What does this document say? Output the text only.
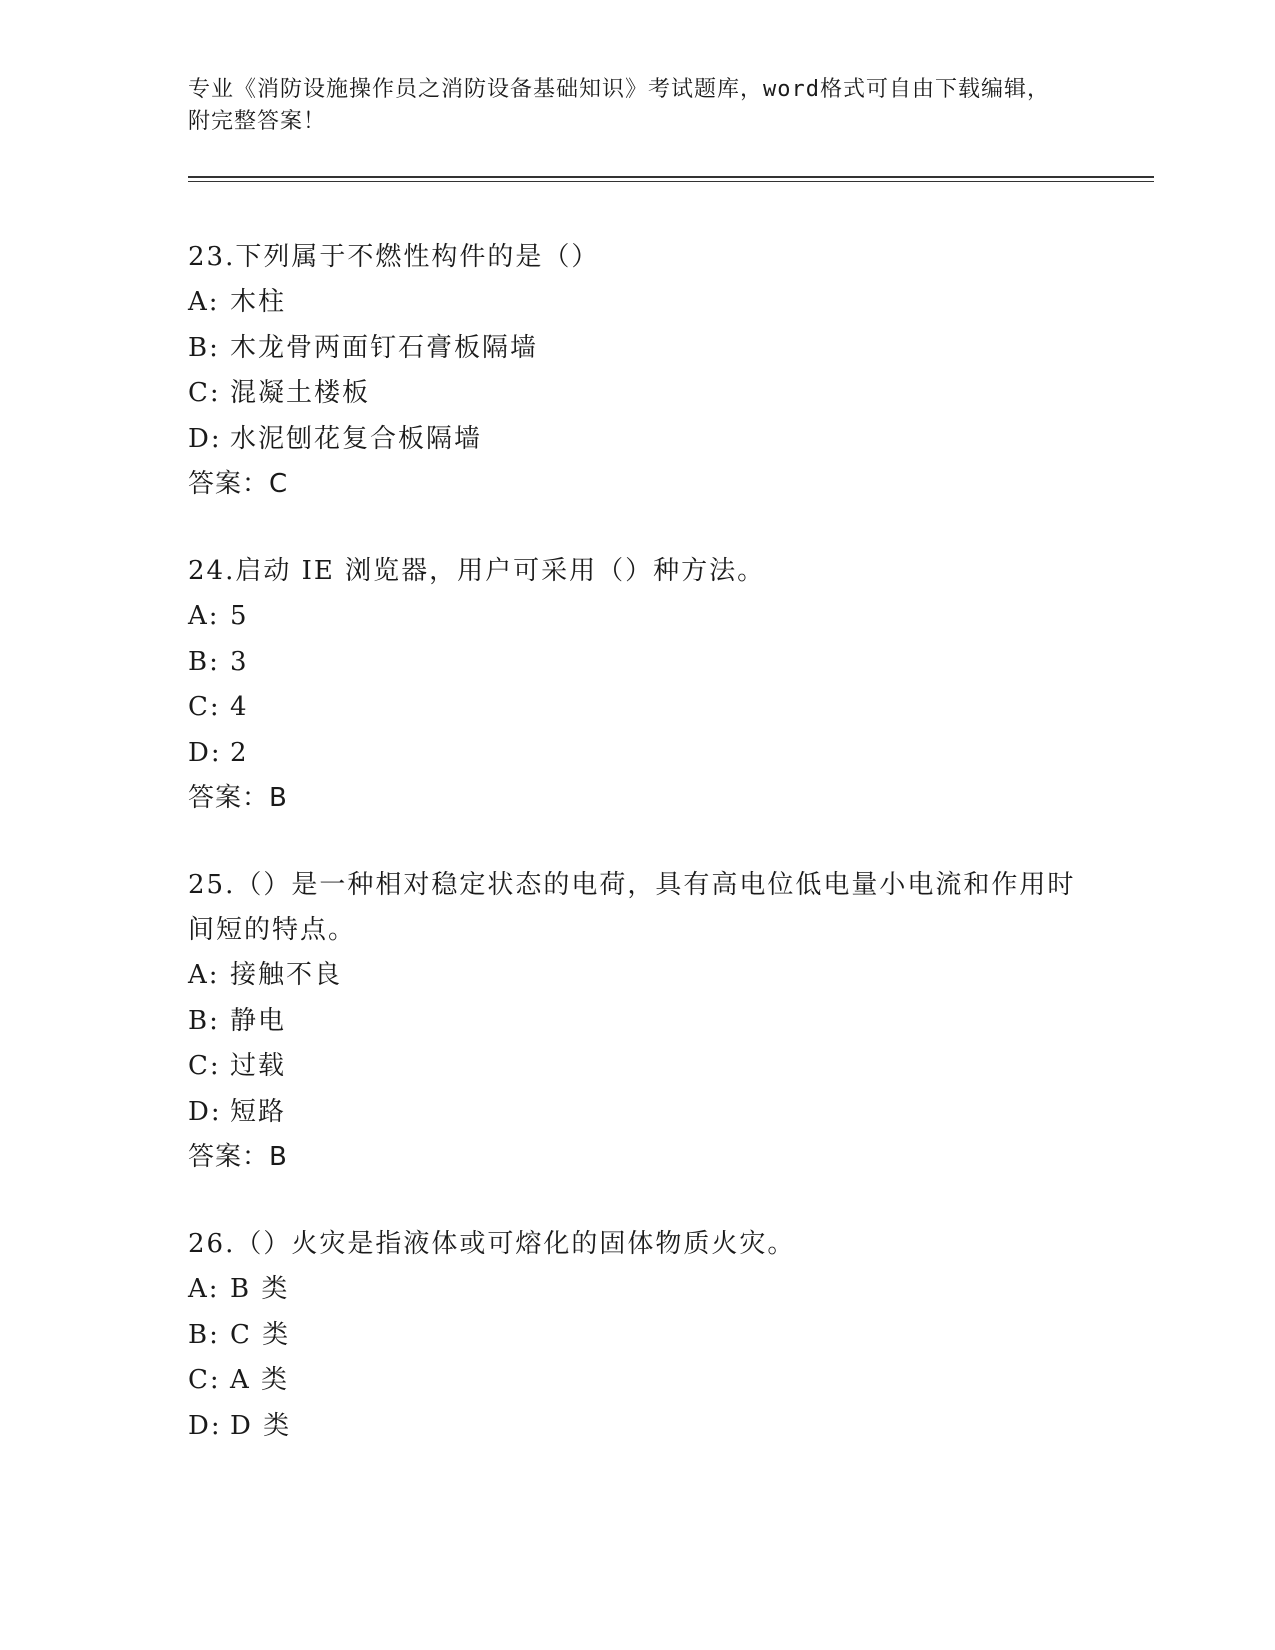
专业《消防设施操作员之消防设备基础知识》考试题库，word格式可自由下载编辑，附完整答案！

23.下列属于不燃性构件的是（）

A: 木柱

B: 木龙骨两面钉石膏板隔墙

C: 混凝土楼板

D: 水泥刨花复合板隔墙

答案：C

24.启动 IE 浏览器，用户可采用（）种方法。

A: 5

B: 3

C: 4

D: 2

答案：B

25.（）是一种相对稳定状态的电荷，具有高电位低电量小电流和作用时间短的特点。

A: 接触不良

B: 静电

C: 过载

D: 短路

答案：B

26.（）火灾是指液体或可熔化的固体物质火灾。

A: B 类

B: C 类

C: A 类

D: D 类
